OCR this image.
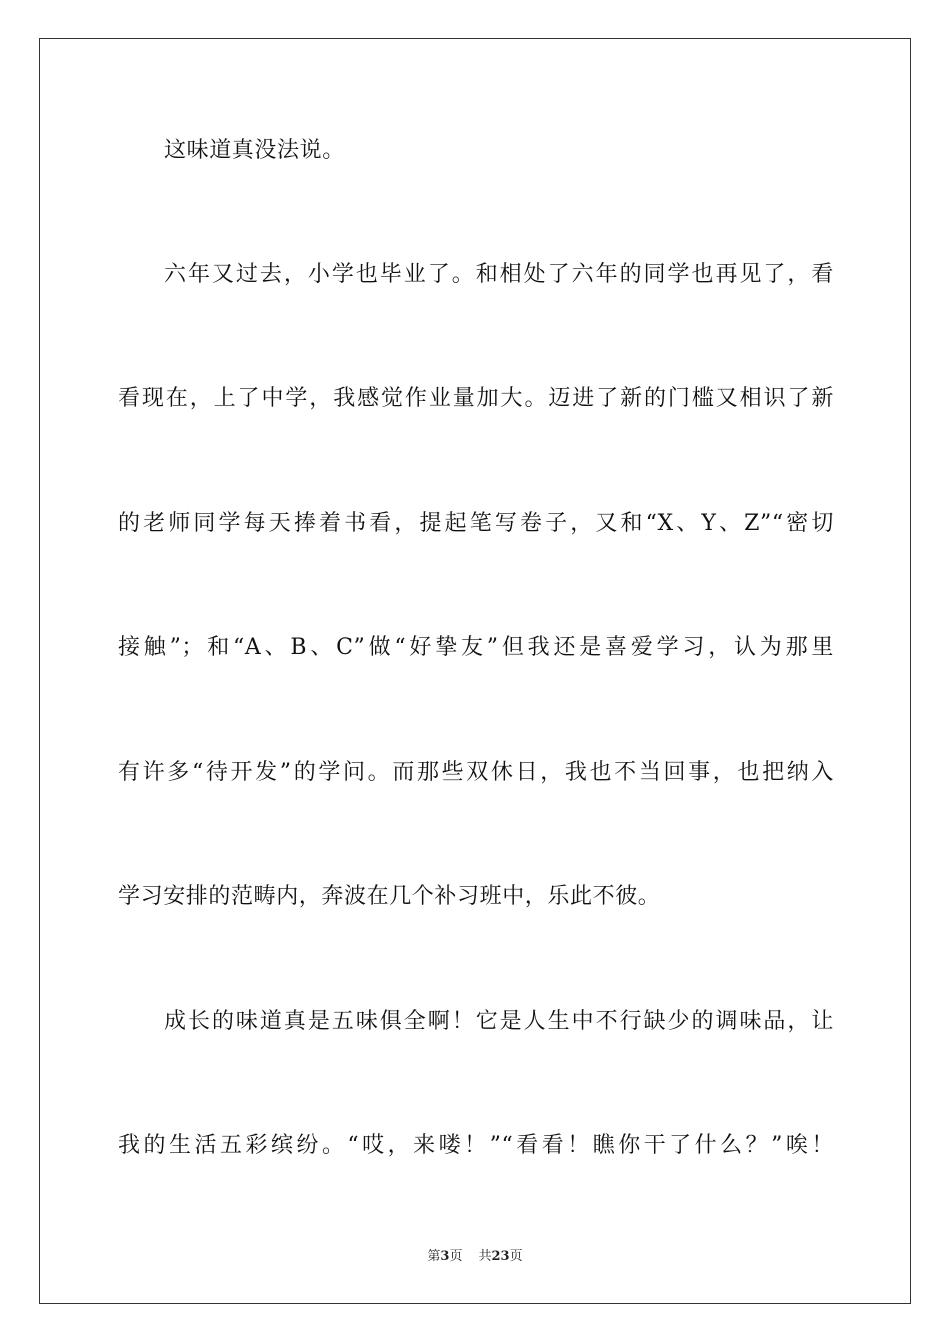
这味道真没法说。
六年又过去，小学也毕业了。和相处了六年的同学也再见了，看
看现在，上了中学，我感觉作业量加大。迈进了新的门槛又相识了新
的老师同学每天捧着书看，提起笔写卷子，又和“X、Y、Z”“密切
接触”；和“A、B、C”做“好挚友”但我还是喜爱学习，认为那里
有许多“待开发”的学问。而那些双休日，我也不当回事，也把纳入
学习安排的范畴内，奔波在几个补习班中，乐此不彼。
成长的味道真是五味俱全啊！它是人生中不行缺少的调味品，让
我的生活五彩缤纷。“哎，来喽！”“看看！瞧你干了什么？”唉！
第3页 共23页
